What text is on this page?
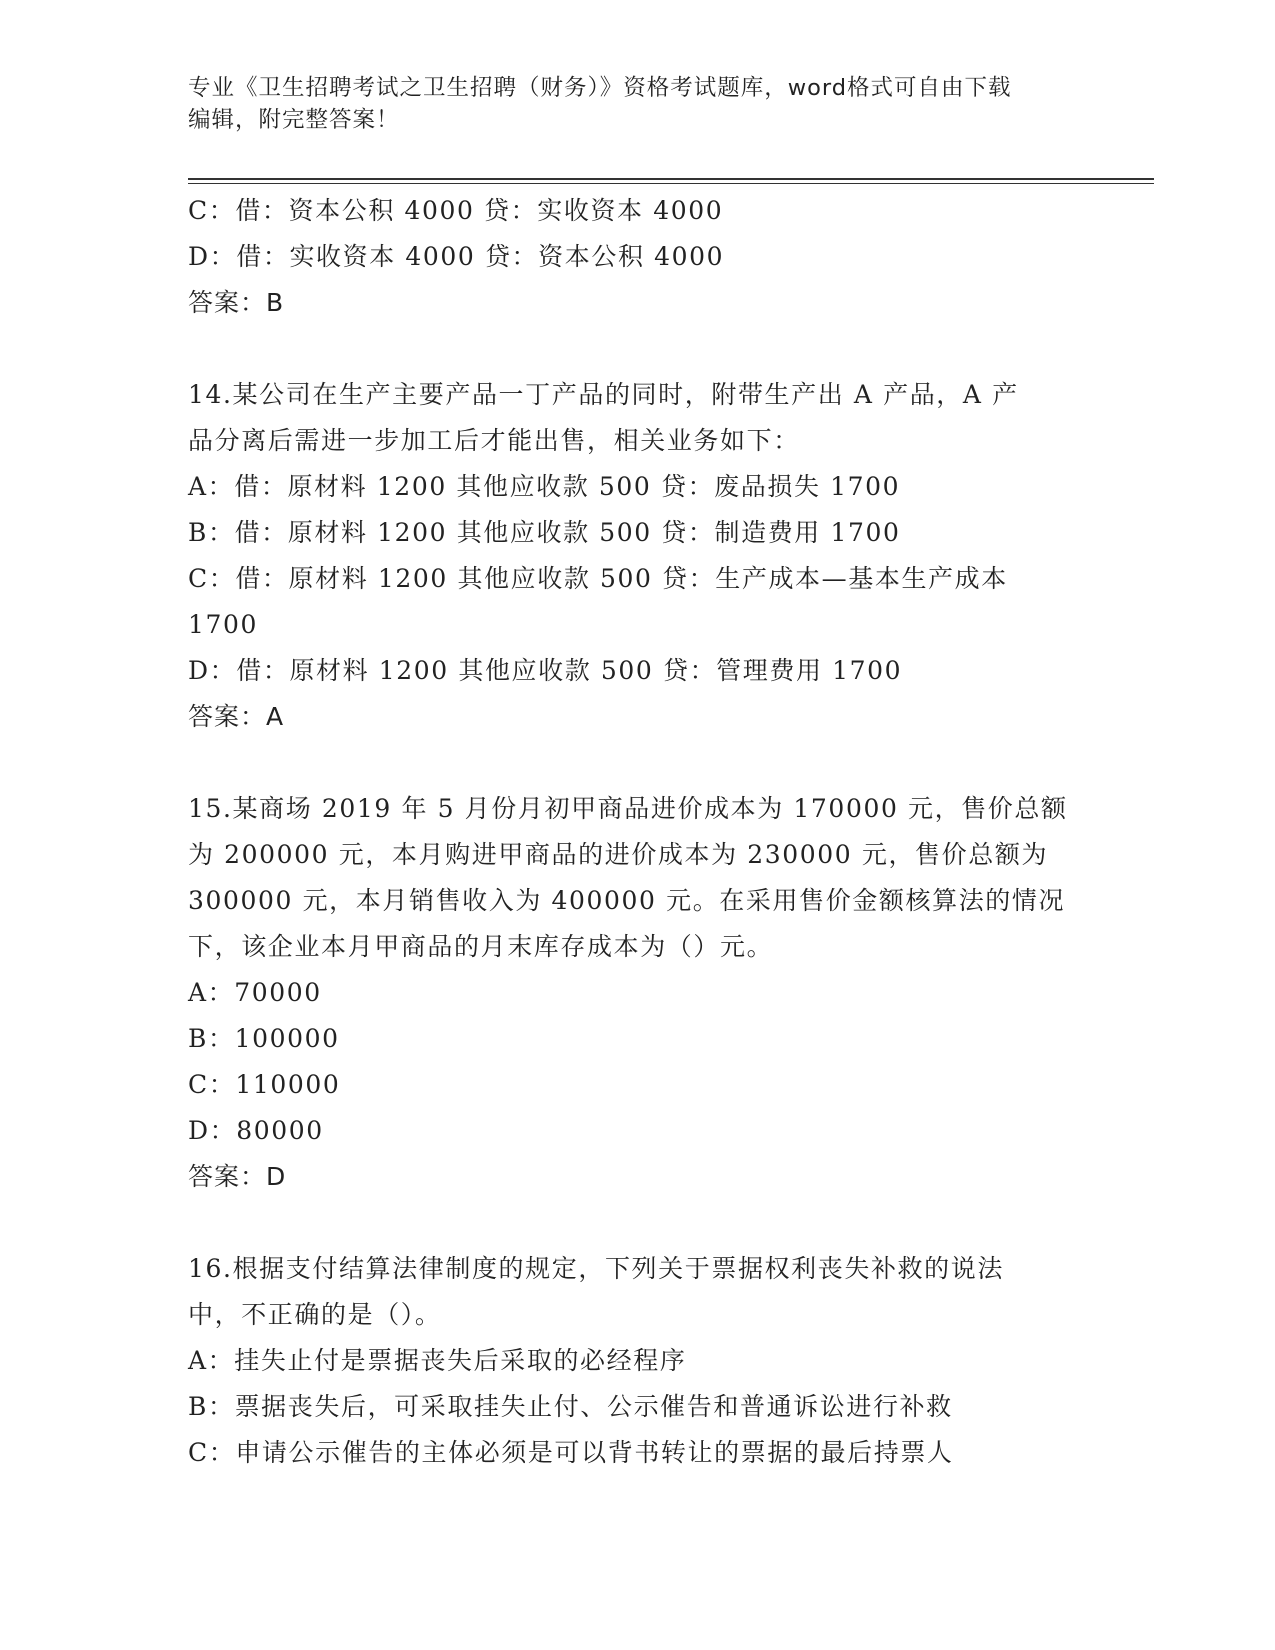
专业《卫生招聘考试之卫生招聘（财务）》资格考试题库，word格式可自由下载
编辑，附完整答案！
C：借：资本公积 4000 贷：实收资本 4000
D：借：实收资本 4000 贷：资本公积 4000
答案：B
14.某公司在生产主要产品一丁产品的同时，附带生产出 A 产品，A 产
品分离后需进一步加工后才能出售，相关业务如下：
A：借：原材料 1200 其他应收款 500 贷：废品损失 1700
B：借：原材料 1200 其他应收款 500 贷：制造费用 1700
C：借：原材料 1200 其他应收款 500 贷：生产成本—基本生产成本
1700
D：借：原材料 1200 其他应收款 500 贷：管理费用 1700
答案：A
15.某商场 2019 年 5 月份月初甲商品进价成本为 170000 元，售价总额
为 200000 元，本月购进甲商品的进价成本为 230000 元，售价总额为
300000 元，本月销售收入为 400000 元。在采用售价金额核算法的情况
下，该企业本月甲商品的月末库存成本为（）元。
A：70000
B：100000
C：110000
D：80000
答案：D
16.根据支付结算法律制度的规定，下列关于票据权利丧失补救的说法
中，不正确的是（）。
A：挂失止付是票据丧失后采取的必经程序
B：票据丧失后，可采取挂失止付、公示催告和普通诉讼进行补救
C：申请公示催告的主体必须是可以背书转让的票据的最后持票人
